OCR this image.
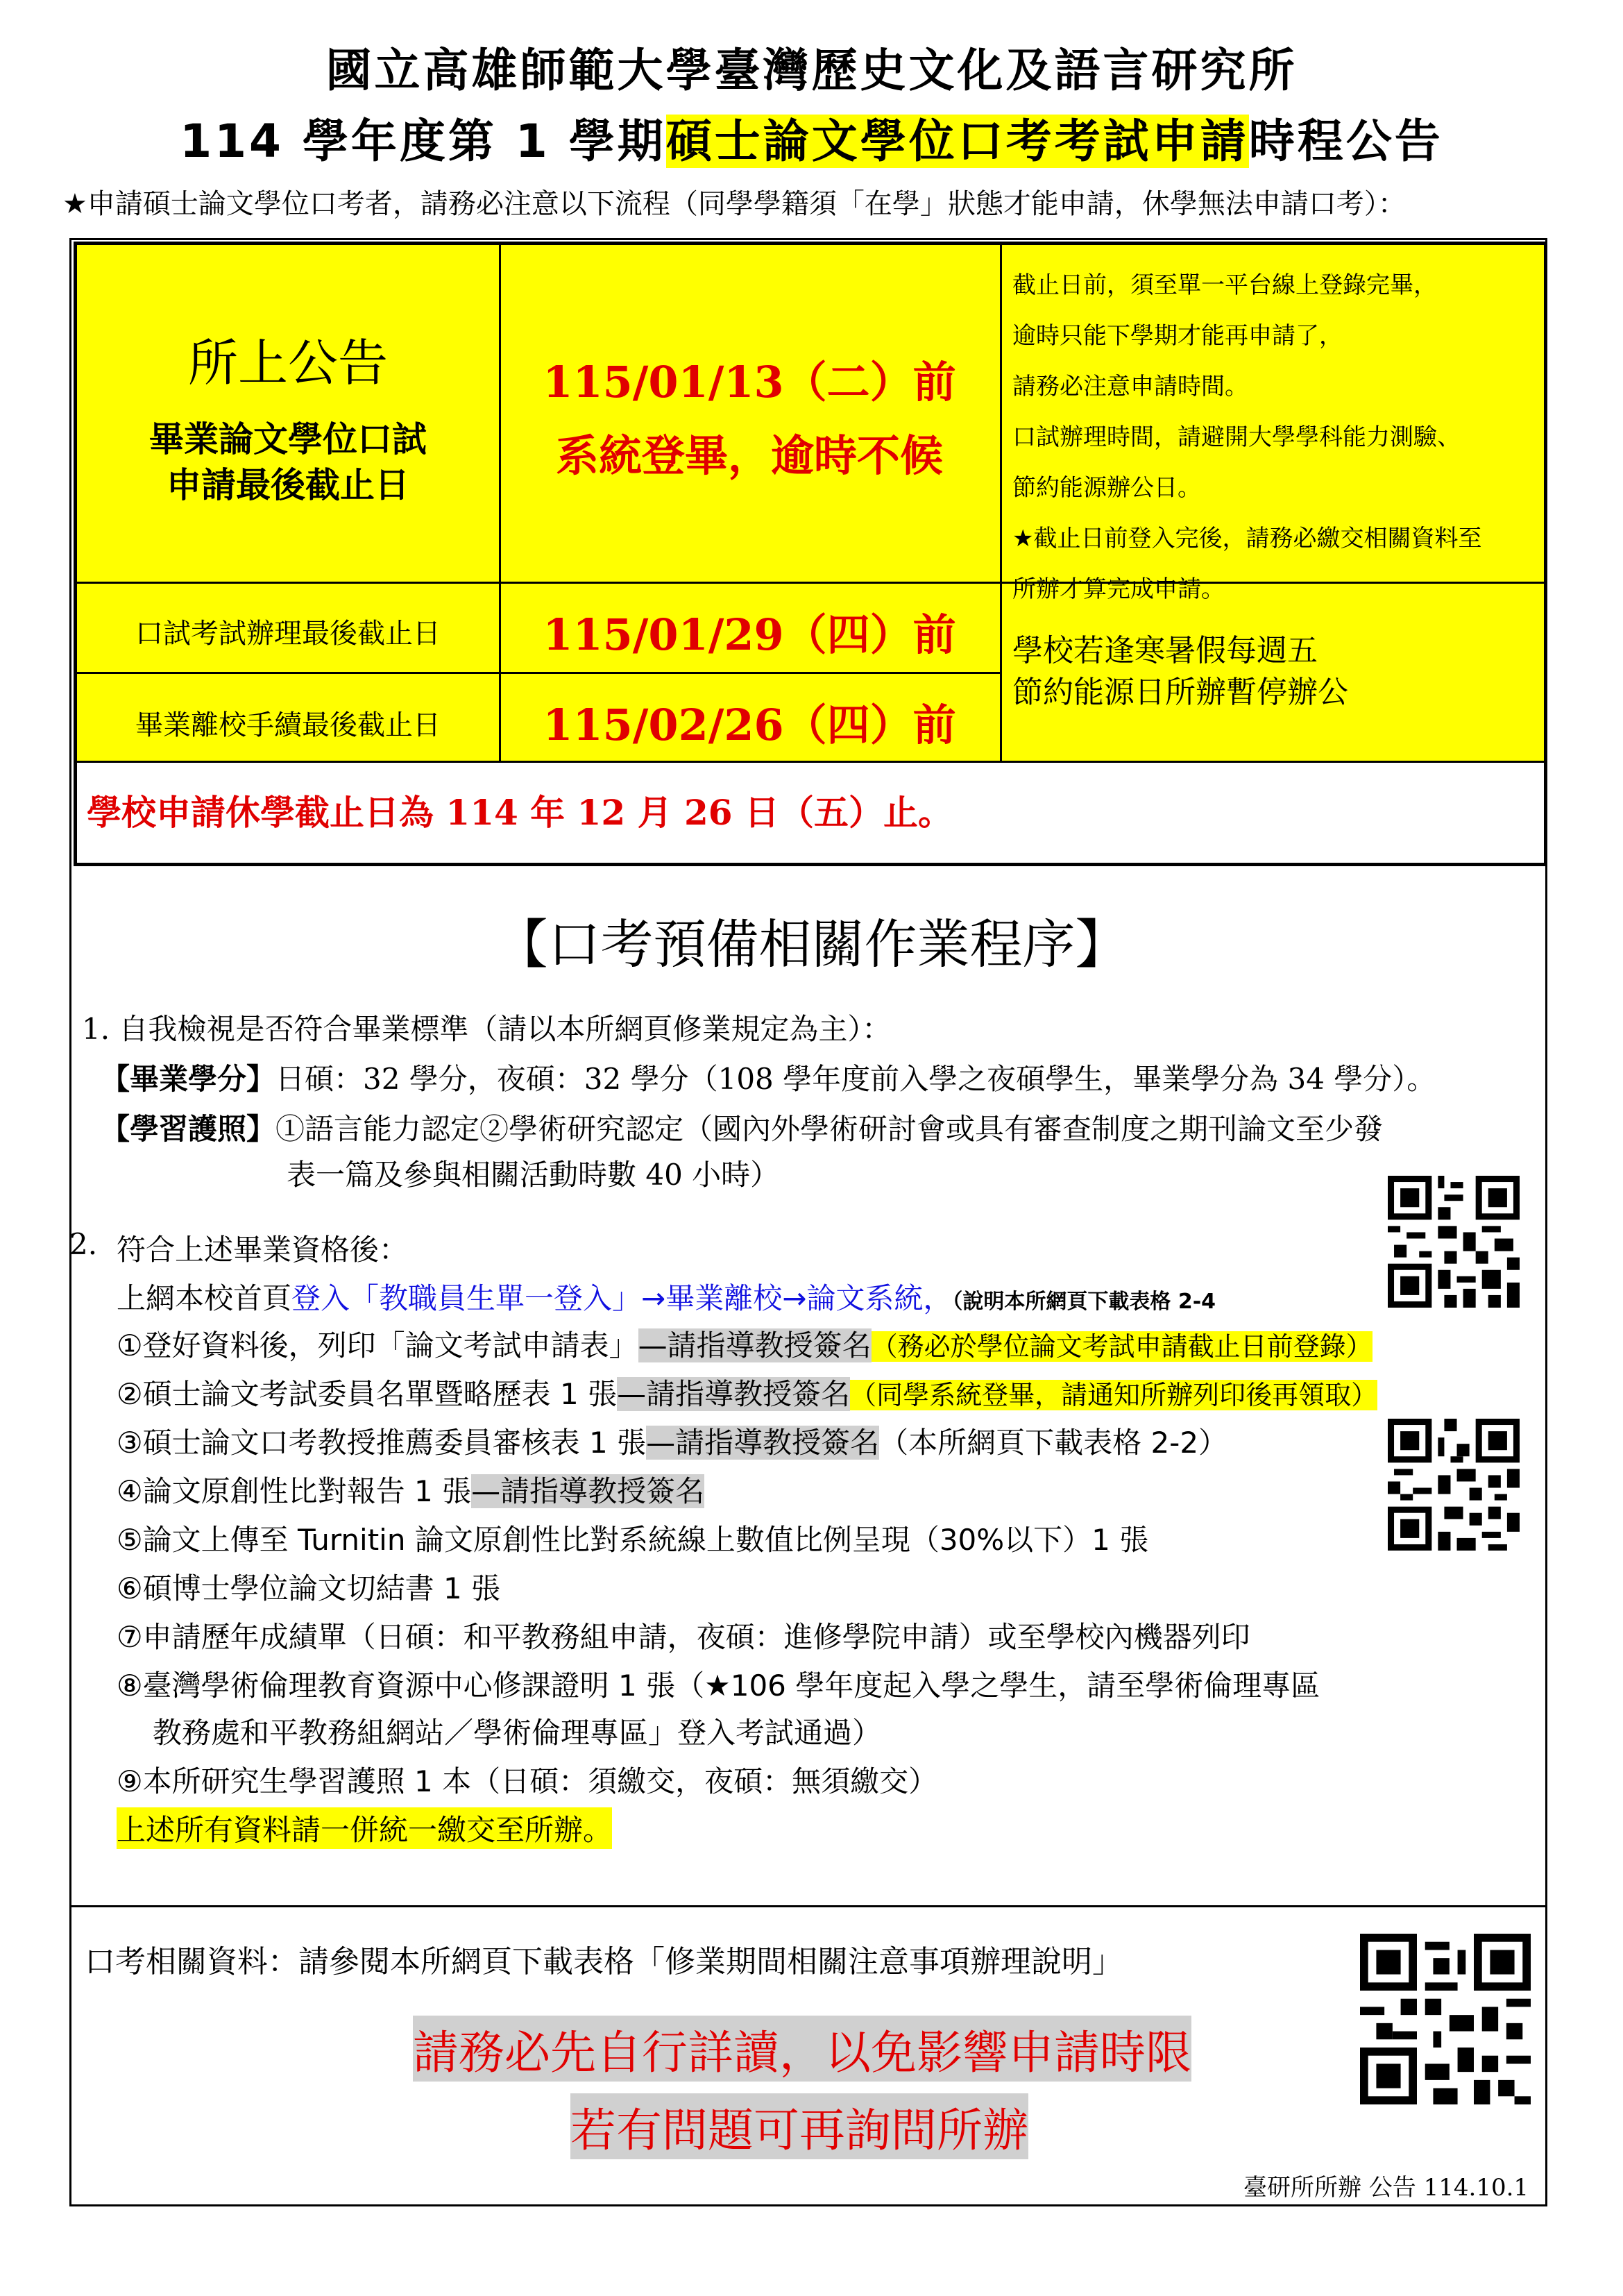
國立高雄師範大學臺灣歷史文化及語言研究所
114 學年度第 1 學期碩士論文學位口考考試申請時程公告
★申請碩士論文學位口考者，請務必注意以下流程（同學學籍須「在學」狀態才能申請，休學無法申請口考）：
所上公告
畢業論文學位口試
申請最後截止日
115/01/13（二）前
系統登畢，逾時不候
截止日前，須至單一平台線上登錄完畢，
逾時只能下學期才能再申請了，
請務必注意申請時間。
口試辦理時間，請避開大學學科能力測驗、
節約能源辦公日。
★截止日前登入完後，請務必繳交相關資料至
所辦才算完成申請。
口試考試辦理最後截止日	115/01/29（四）前
畢業離校手續最後截止日	115/02/26（四）前
學校若逢寒暑假每週五
節約能源日所辦暫停辦公
學校申請休學截止日為 114 年 12 月 26 日（五）止。
【口考預備相關作業程序】
1. 自我檢視是否符合畢業標準（請以本所網頁修業規定為主）：
【畢業學分】日碩：32 學分，夜碩：32 學分（108 學年度前入學之夜碩學生，畢業學分為 34 學分）。
【學習護照】①語言能力認定②學術研究認定（國內外學術研討會或具有審查制度之期刊論文至少發
表一篇及參與相關活動時數 40 小時）
2. 符合上述畢業資格後：
上網本校首頁登入「教職員生單一登入」→畢業離校→論文系統，（說明本所網頁下載表格 2-4
①登好資料後，列印「論文考試申請表」—請指導教授簽名（務必於學位論文考試申請截止日前登錄）
②碩士論文考試委員名單暨略歷表 1 張—請指導教授簽名（同學系統登畢，請通知所辦列印後再領取）
③碩士論文口考教授推薦委員審核表 1 張—請指導教授簽名（本所網頁下載表格 2-2）
④論文原創性比對報告 1 張—請指導教授簽名
⑤論文上傳至 Turnitin 論文原創性比對系統線上數值比例呈現（30%以下）1 張
⑥碩博士學位論文切結書 1 張
⑦申請歷年成績單（日碩：和平教務組申請，夜碩：進修學院申請）或至學校內機器列印
⑧臺灣學術倫理教育資源中心修課證明 1 張（★106 學年度起入學之學生，請至學術倫理專區
教務處和平教務組網站／學術倫理專區」登入考試通過）
⑨本所研究生學習護照 1 本（日碩：須繳交，夜碩：無須繳交）
上述所有資料請一併統一繳交至所辦。
口考相關資料：請參閱本所網頁下載表格「修業期間相關注意事項辦理說明」
請務必先自行詳讀，以免影響申請時限
若有問題可再詢問所辦
臺研所所辦 公告 114.10.1
